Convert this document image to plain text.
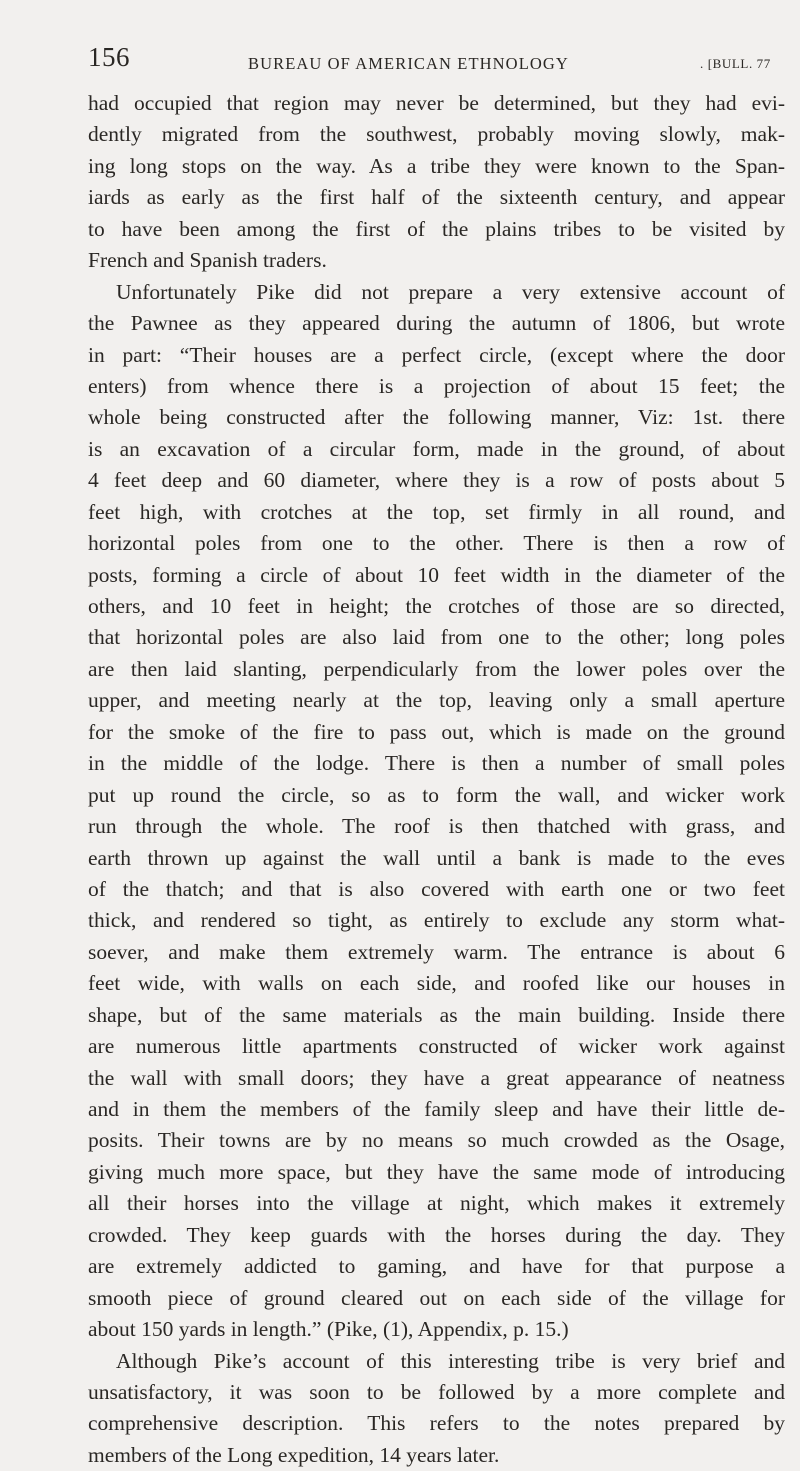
156	BUREAU OF AMERICAN ETHNOLOGY	. [BULL. 77
had occupied that region may never be determined, but they had evi-
dently migrated from the southwest, probably moving slowly, mak-
ing long stops on the way. As a tribe they were known to the Span-
iards as early as the first half of the sixteenth century, and appear
to have been among the first of the plains tribes to be visited by
French and Spanish traders.
Unfortunately Pike did not prepare a very extensive account of
the Pawnee as they appeared during the autumn of 1806, but wrote
in part: “Their houses are a perfect circle, (except where the door
enters) from whence there is a projection of about 15 feet; the
whole being constructed after the following manner, Viz: 1st. there
is an excavation of a circular form, made in the ground, of about
4 feet deep and 60 diameter, where they is a row of posts about 5
feet high, with crotches at the top, set firmly in all round, and
horizontal poles from one to the other. There is then a row of
posts, forming a circle of about 10 feet width in the diameter of the
others, and 10 feet in height; the crotches of those are so directed,
that horizontal poles are also laid from one to the other; long poles
are then laid slanting, perpendicularly from the lower poles over the
upper, and meeting nearly at the top, leaving only a small aperture
for the smoke of the fire to pass out, which is made on the ground
in the middle of the lodge. There is then a number of small poles
put up round the circle, so as to form the wall, and wicker work
run through the whole. The roof is then thatched with grass, and
earth thrown up against the wall until a bank is made to the eves
of the thatch; and that is also covered with earth one or two feet
thick, and rendered so tight, as entirely to exclude any storm what-
soever, and make them extremely warm. The entrance is about 6
feet wide, with walls on each side, and roofed like our houses in
shape, but of the same materials as the main building. Inside there
are numerous little apartments constructed of wicker work against
the wall with small doors; they have a great appearance of neatness
and in them the members of the family sleep and have their little de-
posits. Their towns are by no means so much crowded as the Osage,
giving much more space, but they have the same mode of introducing
all their horses into the village at night, which makes it extremely
crowded. They keep guards with the horses during the day. They
are extremely addicted to gaming, and have for that purpose a
smooth piece of ground cleared out on each side of the village for
about 150 yards in length.” (Pike, (1), Appendix, p. 15.)
Although Pike’s account of this interesting tribe is very brief and
unsatisfactory, it was soon to be followed by a more complete and
comprehensive description. This refers to the notes prepared by
members of the Long expedition, 14 years later.
